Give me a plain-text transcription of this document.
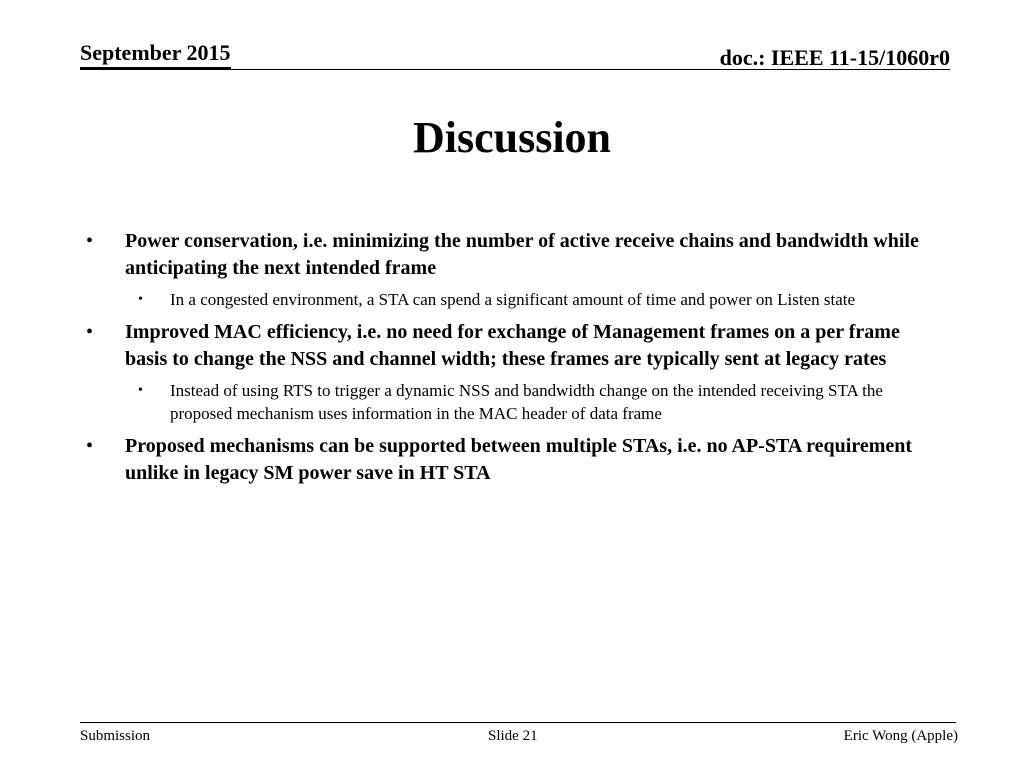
September 2015	doc.: IEEE 11-15/1060r0
Discussion
• Power conservation, i.e. minimizing the number of active receive chains and bandwidth while anticipating the next intended frame
• In a congested environment, a STA can spend a significant amount of time and power on Listen state
• Improved MAC efficiency, i.e. no need for exchange of Management frames on a per frame basis to change the NSS and channel width; these frames are typically sent at legacy rates
• Instead of using RTS to trigger a dynamic NSS and bandwidth change on the intended receiving STA the proposed mechanism uses information in the MAC header of data frame
• Proposed mechanisms can be supported between multiple STAs, i.e. no AP-STA requirement unlike in legacy SM power save in HT STA
Submission	Slide 21	Eric Wong (Apple)
